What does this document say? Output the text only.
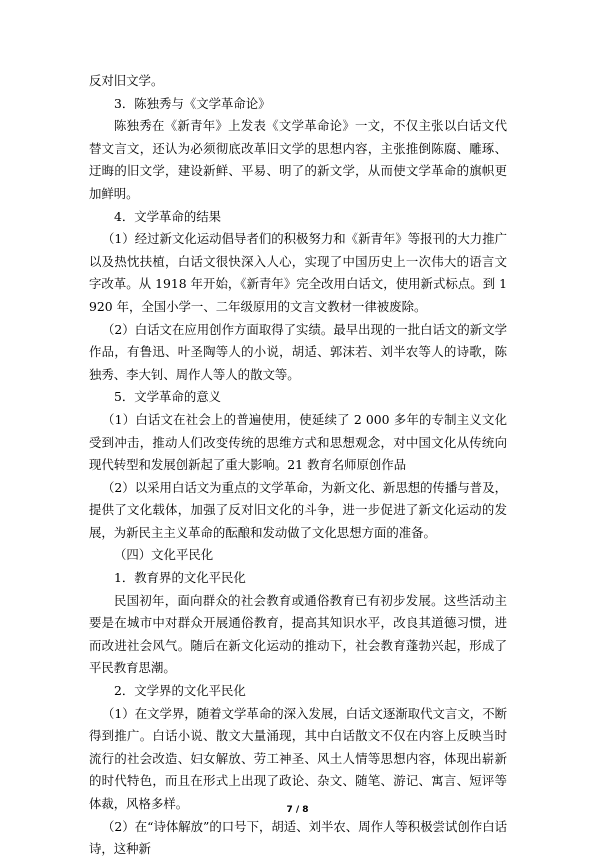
反对旧文学。

3．陈独秀与《文学革命论》

陈独秀在《新青年》上发表《文学革命论》一文，不仅主张以白话文代替文言文，还认为必须彻底改革旧文学的思想内容，主张推倒陈腐、雕琢、迂晦的旧文学，建设新鲜、平易、明了的新文学，从而使文学革命的旗帜更加鲜明。

4．文学革命的结果

（1）经过新文化运动倡导者们的积极努力和《新青年》等报刊的大力推广以及热忱扶植，白话文很快深入人心，实现了中国历史上一次伟大的语言文字改革。从 1918 年开始，《新青年》完全改用白话文，使用新式标点。到 1920 年，全国小学一、二年级原用的文言文教材一律被废除。

（2）白话文在应用创作方面取得了实绩。最早出现的一批白话文的新文学作品，有鲁迅、叶圣陶等人的小说，胡适、郭沫若、刘半农等人的诗歌，陈独秀、李大钊、周作人等人的散文等。

5．文学革命的意义

（1）白话文在社会上的普遍使用，使延续了 2 000 多年的专制主义文化受到冲击，推动人们改变传统的思维方式和思想观念，对中国文化从传统向现代转型和发展创新起了重大影响。21 教育名师原创作品

（2）以采用白话文为重点的文学革命，为新文化、新思想的传播与普及，提供了文化载体，加强了反对旧文化的斗争，进一步促进了新文化运动的发展，为新民主主义革命的酝酿和发动做了文化思想方面的准备。

（四）文化平民化

1．教育界的文化平民化

民国初年，面向群众的社会教育或通俗教育已有初步发展。这些活动主要是在城市中对群众开展通俗教育，提高其知识水平，改良其道德习惯，进而改进社会风气。随后在新文化运动的推动下，社会教育蓬勃兴起，形成了平民教育思潮。

2．文学界的文化平民化

（1）在文学界，随着文学革命的深入发展，白话文逐渐取代文言文，不断得到推广。白话小说、散文大量涌现，其中白话散文不仅在内容上反映当时流行的社会改造、妇女解放、劳工神圣、风土人情等思想内容，体现出崭新的时代特色，而且在形式上出现了政论、杂文、随笔、游记、寓言、短评等体裁，风格多样。

（2）在“诗体解放”的口号下，胡适、刘半农、周作人等积极尝试创作白话诗，这种新

7 / 8
